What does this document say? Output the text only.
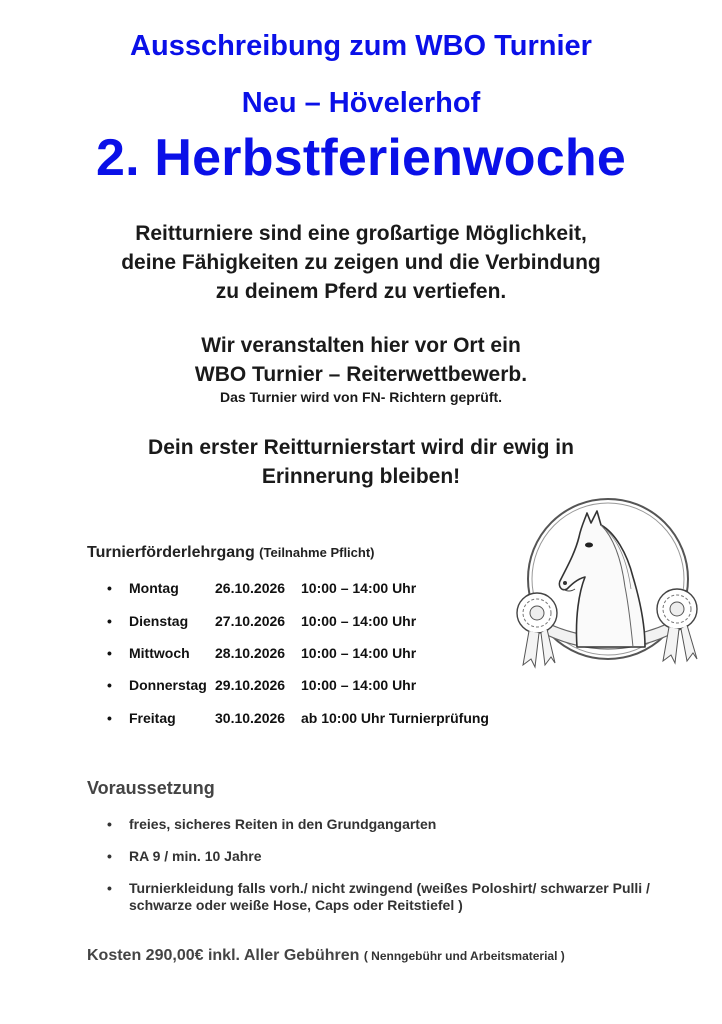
Ausschreibung zum WBO Turnier
Neu – Hövelerhof
2. Herbstferienwoche
Reitturniere sind eine großartige Möglichkeit,
deine Fähigkeiten zu zeigen und die Verbindung
zu deinem Pferd zu vertiefen.
Wir veranstalten hier vor Ort ein
WBO Turnier – Reiterwettbewerb.
Das Turnier wird von FN- Richtern geprüft.
Dein erster Reitturnierstart wird dir ewig in
Erinnerung bleiben!
Turnierförderlehrgang (Teilnahme Pflicht)
• Montag	26.10.2026 10:00 – 14:00 Uhr
• Dienstag 27.10.2026 10:00 – 14:00 Uhr
• Mittwoch 28.10.2026 10:00 – 14:00 Uhr
• Donnerstag 29.10.2026 10:00 – 14:00 Uhr
• Freitag	30.10.2026 ab 10:00 Uhr Turnierprüfung
Voraussetzung
• freies, sicheres Reiten in den Grundgangarten
• RA 9 / min. 10 Jahre
• Turnierkleidung falls vorh./ nicht zwingend (weißes Poloshirt/ schwarzer Pulli / schwarze oder weiße Hose, Caps oder Reitstiefel )
Kosten 290,00€ inkl. Aller Gebühren ( Nenngebühr und Arbeitsmaterial )
